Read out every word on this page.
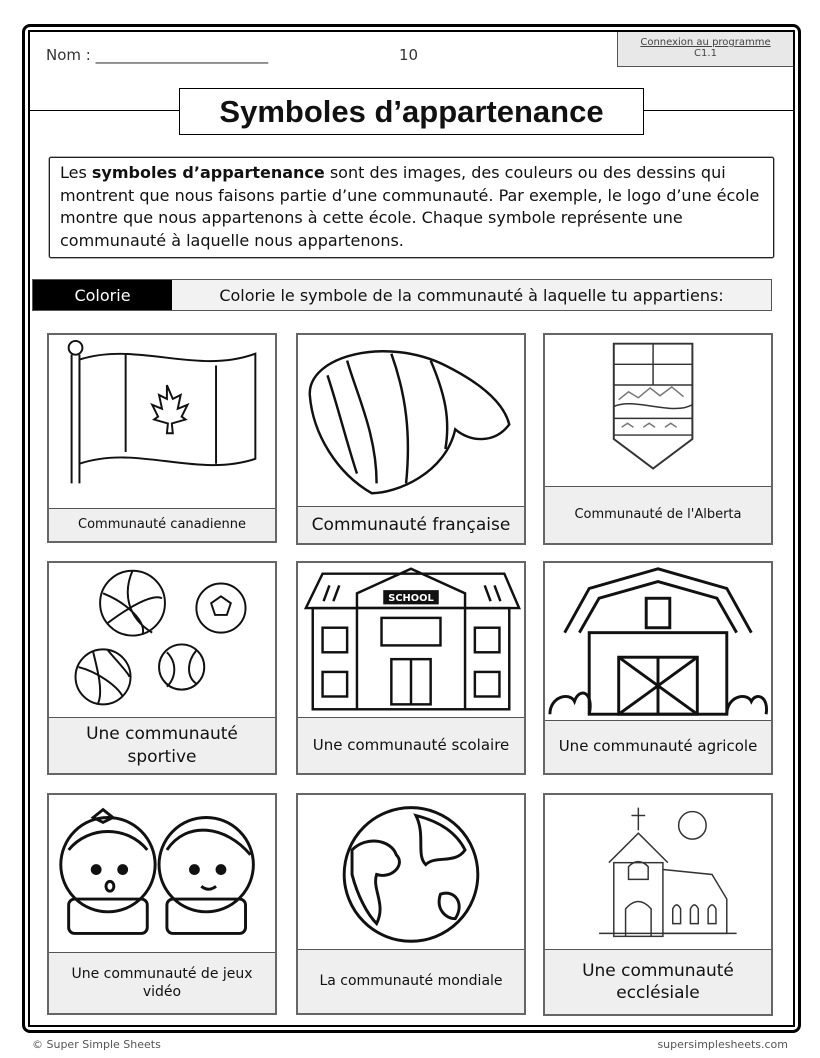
Nom : _______________________	10
Connexion au programme
C1.1
Symboles d’appartenance
Les symboles d’appartenance sont des images, des couleurs ou des dessins qui montrent que nous faisons partie d’une communauté. Par exemple, le logo d’une école montre que nous appartenons à cette école. Chaque symbole représente une communauté à laquelle nous appartenons.
Colorie	Colorie le symbole de la communauté à laquelle tu appartiens:
Communauté canadienne	Communauté française
Communauté de l'Alberta
Une communauté sportive
SCHOOL
Une communauté scolaire	Une communauté agricole
Une communauté de jeux vidéo
La communauté mondiale
Une communauté ecclésiale
© Super Simple Sheets	supersimplesheets.com
